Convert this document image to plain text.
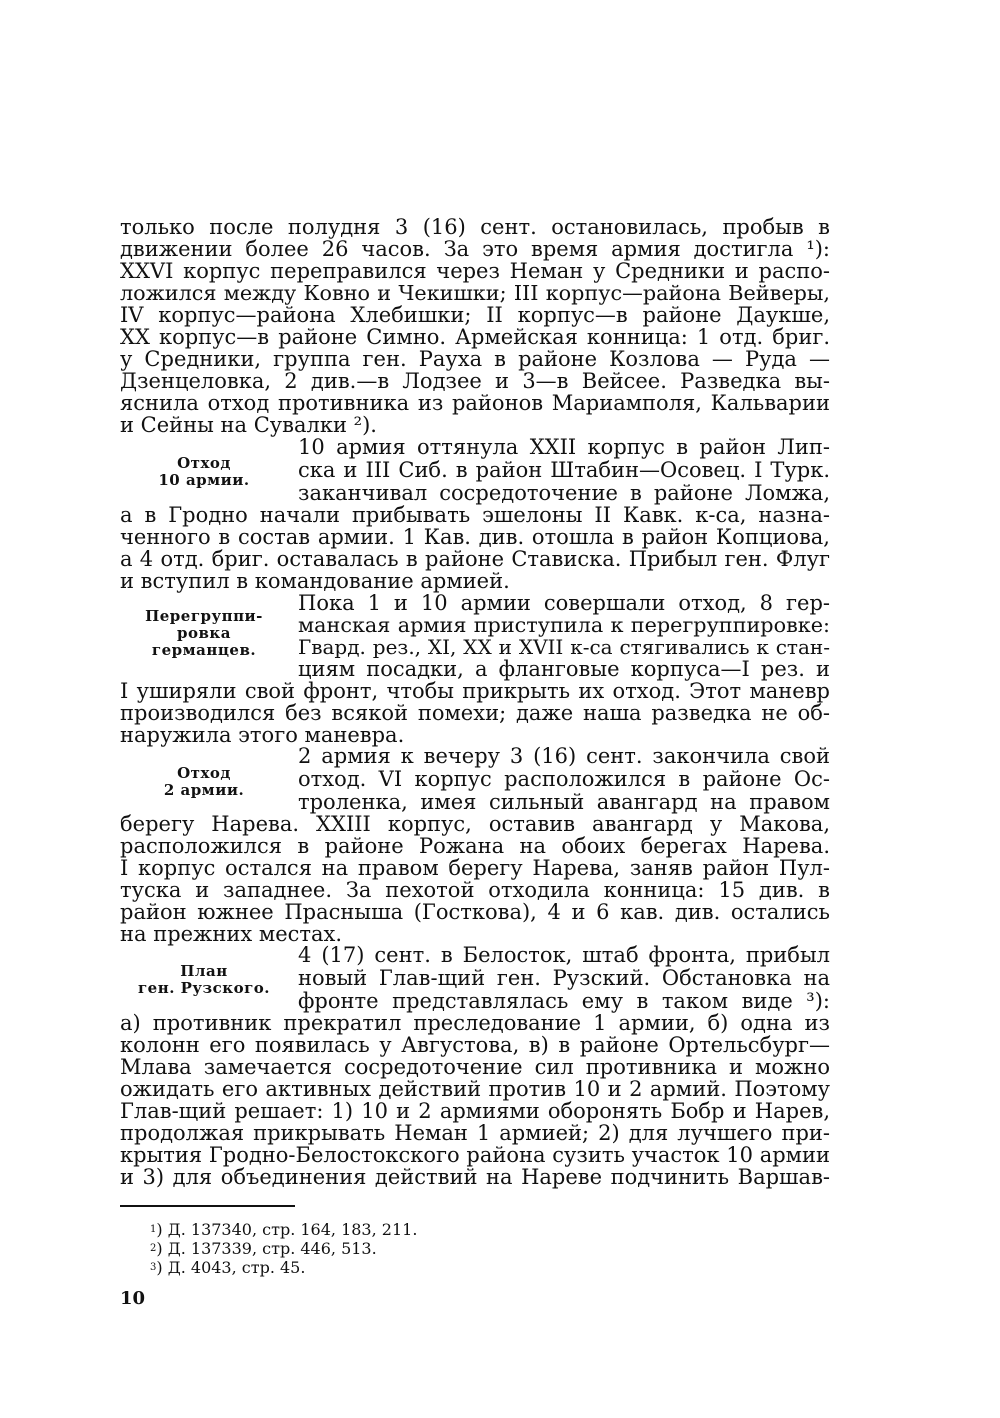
только после полудня 3 (16) сент. остановилась, пробыв в
движении более 26 часов. За это время армия достигла ¹):
XXVI корпус переправился через Неман у Средники и распо-
ложился между Ковно и Чекишки; III корпус—района Вейверы,
IV корпус—района Хлебишки; II корпус—в районе Даукше,
XX корпус—в районе Симно. Армейская конница: 1 отд. бриг.
у Средники, группа ген. Рауха в районе Козлова — Руда —
Дзенцеловка, 2 див.—в Лодзее и 3—в Вейсее. Разведка вы-
яснила отход противника из районов Мариамполя, Кальварии
и Сейны на Сувалки ²).
Отход
10 армии.
10 армия оттянула XXII корпус в район Лип-
ска и III Сиб. в район Штабин—Осовец. I Турк.
заканчивал сосредоточение в районе Ломжа,
а в Гродно начали прибывать эшелоны II Кавк. к-са, назна-
ченного в состав армии. 1 Кав. див. отошла в район Копциова,
а 4 отд. бриг. оставалась в районе Стависка. Прибыл ген. Флуг
и вступил в командование армией.
Перегруппи-
ровка
германцев.
Пока 1 и 10 армии совершали отход, 8 гер-
манская армия приступила к перегруппировке:
Гвард. рез., XI, XX и XVII к-са стягивались к стан-
циям посадки, а фланговые корпуса—I рез. и
I уширяли свой фронт, чтобы прикрыть их отход. Этот маневр
производился без всякой помехи; даже наша разведка не об-
наружила этого маневра.
Отход
2 армии.
2 армия к вечеру 3 (16) сент. закончила свой
отход. VI корпус расположился в районе Ос-
троленка, имея сильный авангард на правом
берегу Нарева. XXIII корпус, оставив авангард у Макова,
расположился в районе Рожана на обоих берегах Нарева.
I корпус остался на правом берегу Нарева, заняв район Пул-
туска и западнее. За пехотой отходила конница: 15 див. в
район южнее Прасныша (Госткова), 4 и 6 кав. див. остались
на прежних местах.
План
ген. Рузского.
4 (17) сент. в Белосток, штаб фронта, прибыл
новый Глав-щий ген. Рузский. Обстановка на
фронте представлялась ему в таком виде ³):
а) противник прекратил преследование 1 армии, б) одна из
колонн его появилась у Августова, в) в районе Ортельсбург—
Млава замечается сосредоточение сил противника и можно
ожидать его активных действий против 10 и 2 армий. Поэтому
Глав-щий решает: 1) 10 и 2 армиями оборонять Бобр и Нарев,
продолжая прикрывать Неман 1 армией; 2) для лучшего при-
крытия Гродно-Белостокского района сузить участок 10 армии
и 3) для объединения действий на Нареве подчинить Варшав-
$^1$) Д. 137340, стр. 164, 183, 211.
$^2$) Д. 137339, стр. 446, 513.
$^3$) Д. 4043, стр. 45.
10
